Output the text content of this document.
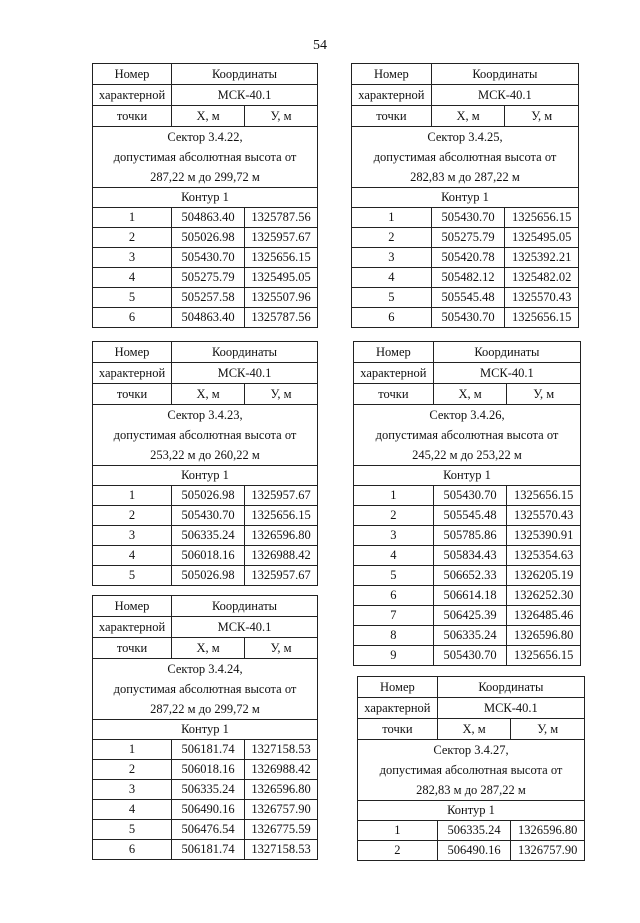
54
Номер	Координаты	
характерной	МСК-40.1	
точки	X, м	У, м
Сектор 3.4.22,		
допустимая абсолютная высота от		
287,22 м до 299,72 м		
Контур 1		
1	504863.40	1325787.56
2	505026.98	1325957.67
3	505430.70	1325656.15
4	505275.79	1325495.05
5	505257.58	1325507.96
6	504863.40	1325787.56
Номер	Координаты	
характерной	МСК-40.1	
точки	X, м	У, м
Сектор 3.4.23,		
допустимая абсолютная высота от		
253,22 м до 260,22 м		
Контур 1		
1	505026.98	1325957.67
2	505430.70	1325656.15
3	506335.24	1326596.80
4	506018.16	1326988.42
5	505026.98	1325957.67
Номер	Координаты	
характерной	МСК-40.1	
точки	X, м	У, м
Сектор 3.4.24,		
допустимая абсолютная высота от		
287,22 м до 299,72 м		
Контур 1		
1	506181.74	1327158.53
2	506018.16	1326988.42
3	506335.24	1326596.80
4	506490.16	1326757.90
5	506476.54	1326775.59
6	506181.74	1327158.53
Номер	Координаты	
характерной	МСК-40.1	
точки	X, м	У, м
Сектор 3.4.25,		
допустимая абсолютная высота от		
282,83 м до 287,22 м		
Контур 1		
1	505430.70	1325656.15
2	505275.79	1325495.05
3	505420.78	1325392.21
4	505482.12	1325482.02
5	505545.48	1325570.43
6	505430.70	1325656.15
Номер	Координаты	
характерной	МСК-40.1	
точки	X, м	У, м
Сектор 3.4.26,		
допустимая абсолютная высота от		
245,22 м до 253,22 м		
Контур 1		
1	505430.70	1325656.15
2	505545.48	1325570.43
3	505785.86	1325390.91
4	505834.43	1325354.63
5	506652.33	1326205.19
6	506614.18	1326252.30
7	506425.39	1326485.46
8	506335.24	1326596.80
9	505430.70	1325656.15
Номер	Координаты	
характерной	МСК-40.1	
точки	X, м	У, м
Сектор 3.4.27,		
допустимая абсолютная высота от		
282,83 м до 287,22 м		
Контур 1		
1	506335.24	1326596.80
2	506490.16	1326757.90
